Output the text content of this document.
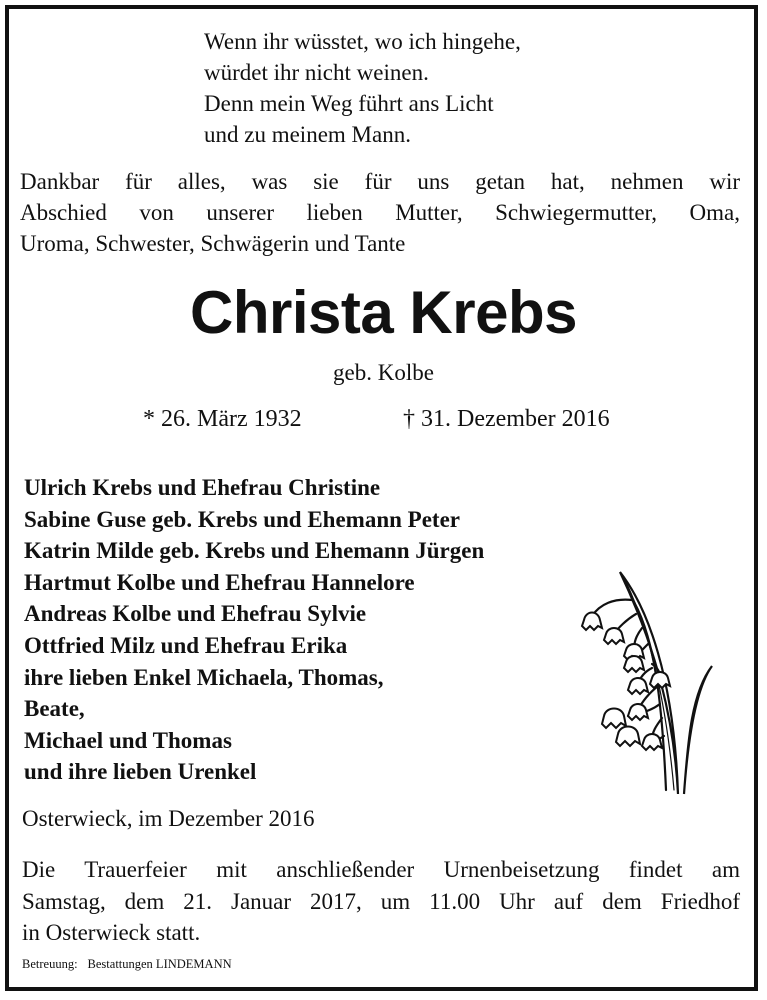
Wenn ihr wüsstet, wo ich hingehe,
würdet ihr nicht weinen.
Denn mein Weg führt ans Licht
und zu meinem Mann.
Dankbar für alles, was sie für uns getan hat, nehmen wir
Abschied von unserer lieben Mutter, Schwiegermutter, Oma,
Uroma, Schwester, Schwägerin und Tante
Christa Krebs
geb. Kolbe
* 26. März 1932	† 31. Dezember 2016
Ulrich Krebs und Ehefrau Christine
Sabine Guse geb. Krebs und Ehemann Peter
Katrin Milde geb. Krebs und Ehemann Jürgen
Hartmut Kolbe und Ehefrau Hannelore
Andreas Kolbe und Ehefrau Sylvie
Ottfried Milz und Ehefrau Erika
ihre lieben Enkel Michaela, Thomas,
Beate,
Michael und Thomas
und ihre lieben Urenkel
Osterwieck, im Dezember 2016
Die Trauerfeier mit anschließender Urnenbeisetzung findet am
Samstag, dem 21. Januar 2017, um 11.00 Uhr auf dem Friedhof
in Osterwieck statt.
Betreuung: Bestattungen LINDEMANN
